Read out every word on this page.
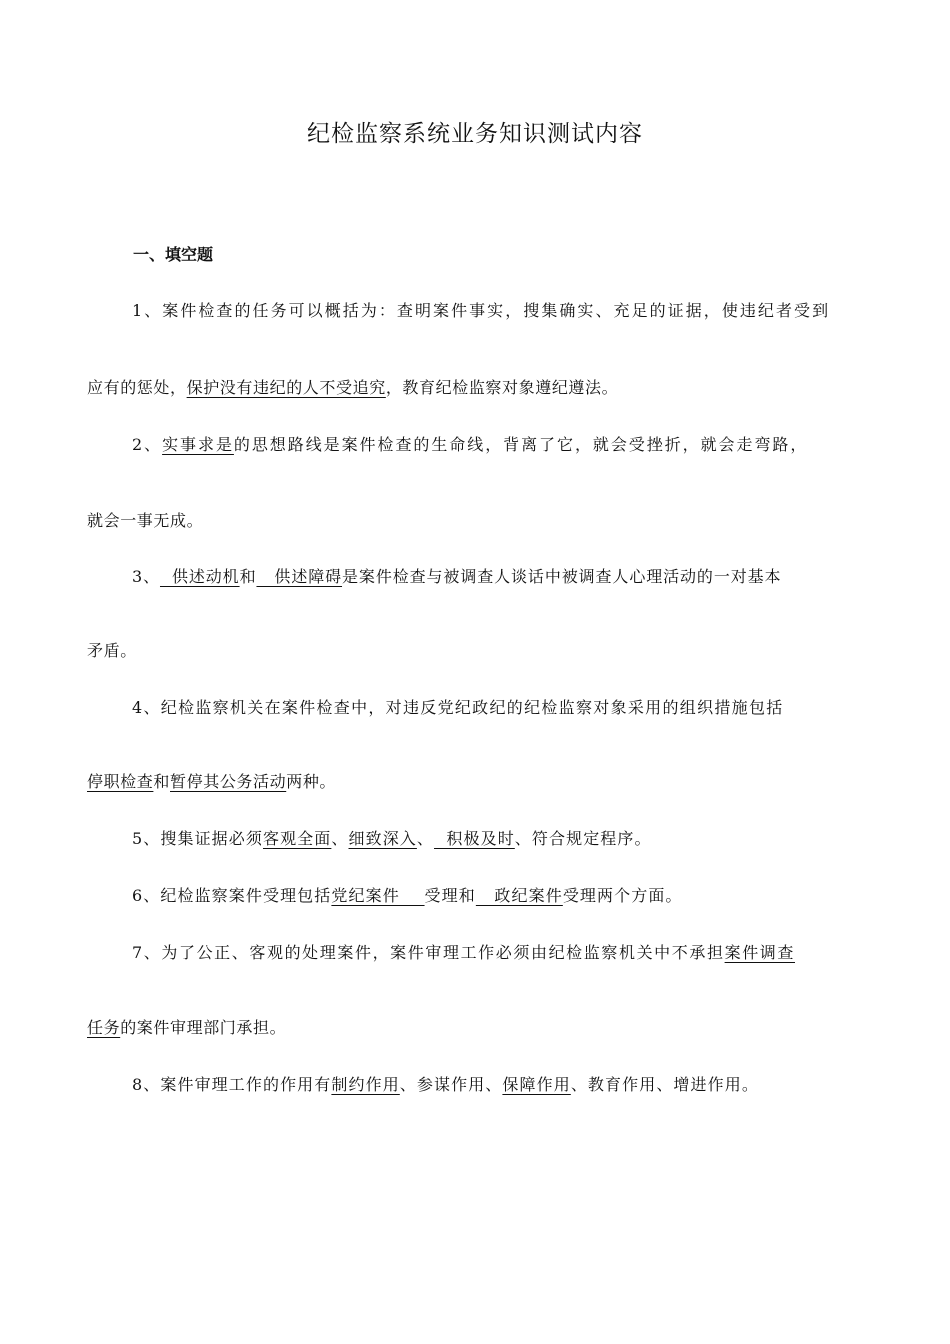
纪检监察系统业务知识测试内容
一、填空题
1、案件检查的任务可以概括为：查明案件事实，搜集确实、充足的证据，使违纪者受到
应有的惩处，保护没有违纪的人不受追究，教育纪检监察对象遵纪遵法。
2、实事求是的思想路线是案件检查的生命线，背离了它，就会受挫折，就会走弯路，
就会一事无成。
3、  供述动机和   供述障碍是案件检查与被调查人谈话中被调查人心理活动的一对基本
矛盾。
4、纪检监察机关在案件检查中，对违反党纪政纪的纪检监察对象采用的组织措施包括
停职检查和暂停其公务活动两种。
5、搜集证据必须客观全面、细致深入、  积极及时、符合规定程序。
6、纪检监察案件受理包括党纪案件    受理和   政纪案件受理两个方面。
7、为了公正、客观的处理案件，案件审理工作必须由纪检监察机关中不承担案件调查
任务的案件审理部门承担。
8、案件审理工作的作用有制约作用、参谋作用、保障作用、教育作用、增进作用。
